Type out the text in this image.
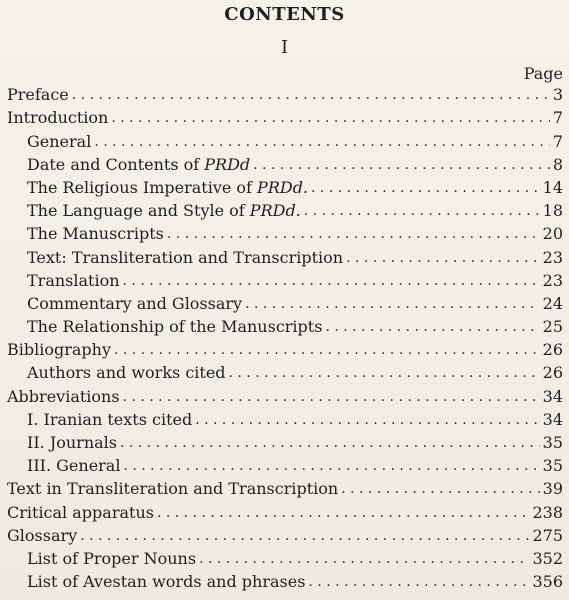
CONTENTS
I
Page
Preface . . .	3
Introduction . . .	7
General . . .	7
Date and Contents of PRDd . . .	8
The Religious Imperative of PRDd. . . .	14
The Language and Style of PRDd. . . .	18
The Manuscripts . . .	20
Text: Transliteration and Transcription . . .	23
Translation . . .	23
Commentary and Glossary . . .	24
The Relationship of the Manuscripts . . .	25
Bibliography . . .	26
Authors and works cited . . .	26
Abbreviations . . .	34
I. Iranian texts cited . . .	34
II. Journals . . .	35
III. General . . .	35
Text in Transliteration and Transcription . . .	39
Critical apparatus . . .	238
Glossary . . .	275
List of Proper Nouns . . .	352
List of Avestan words and phrases . . .	356
